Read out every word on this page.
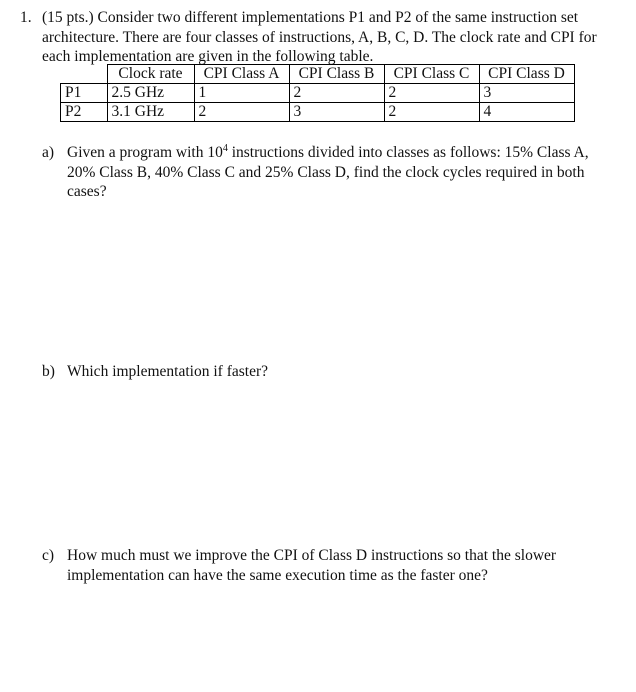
1. (15 pts.) Consider two different implementations P1 and P2 of the same instruction set architecture. There are four classes of instructions, A, B, C, D. The clock rate and CPI for each implementation are given in the following table.
	Clock rate	CPI Class A	CPI Class B	CPI Class C	CPI Class D
P1	2.5 GHz	1	2	2	3
P2	3.1 GHz	2	3	2	4
a) Given a program with $10^4$ instructions divided into classes as follows: 15% Class A, 20% Class B, 40% Class C and 25% Class D, find the clock cycles required in both cases?
b) Which implementation if faster?
c) How much must we improve the CPI of Class D instructions so that the slower implementation can have the same execution time as the faster one?
